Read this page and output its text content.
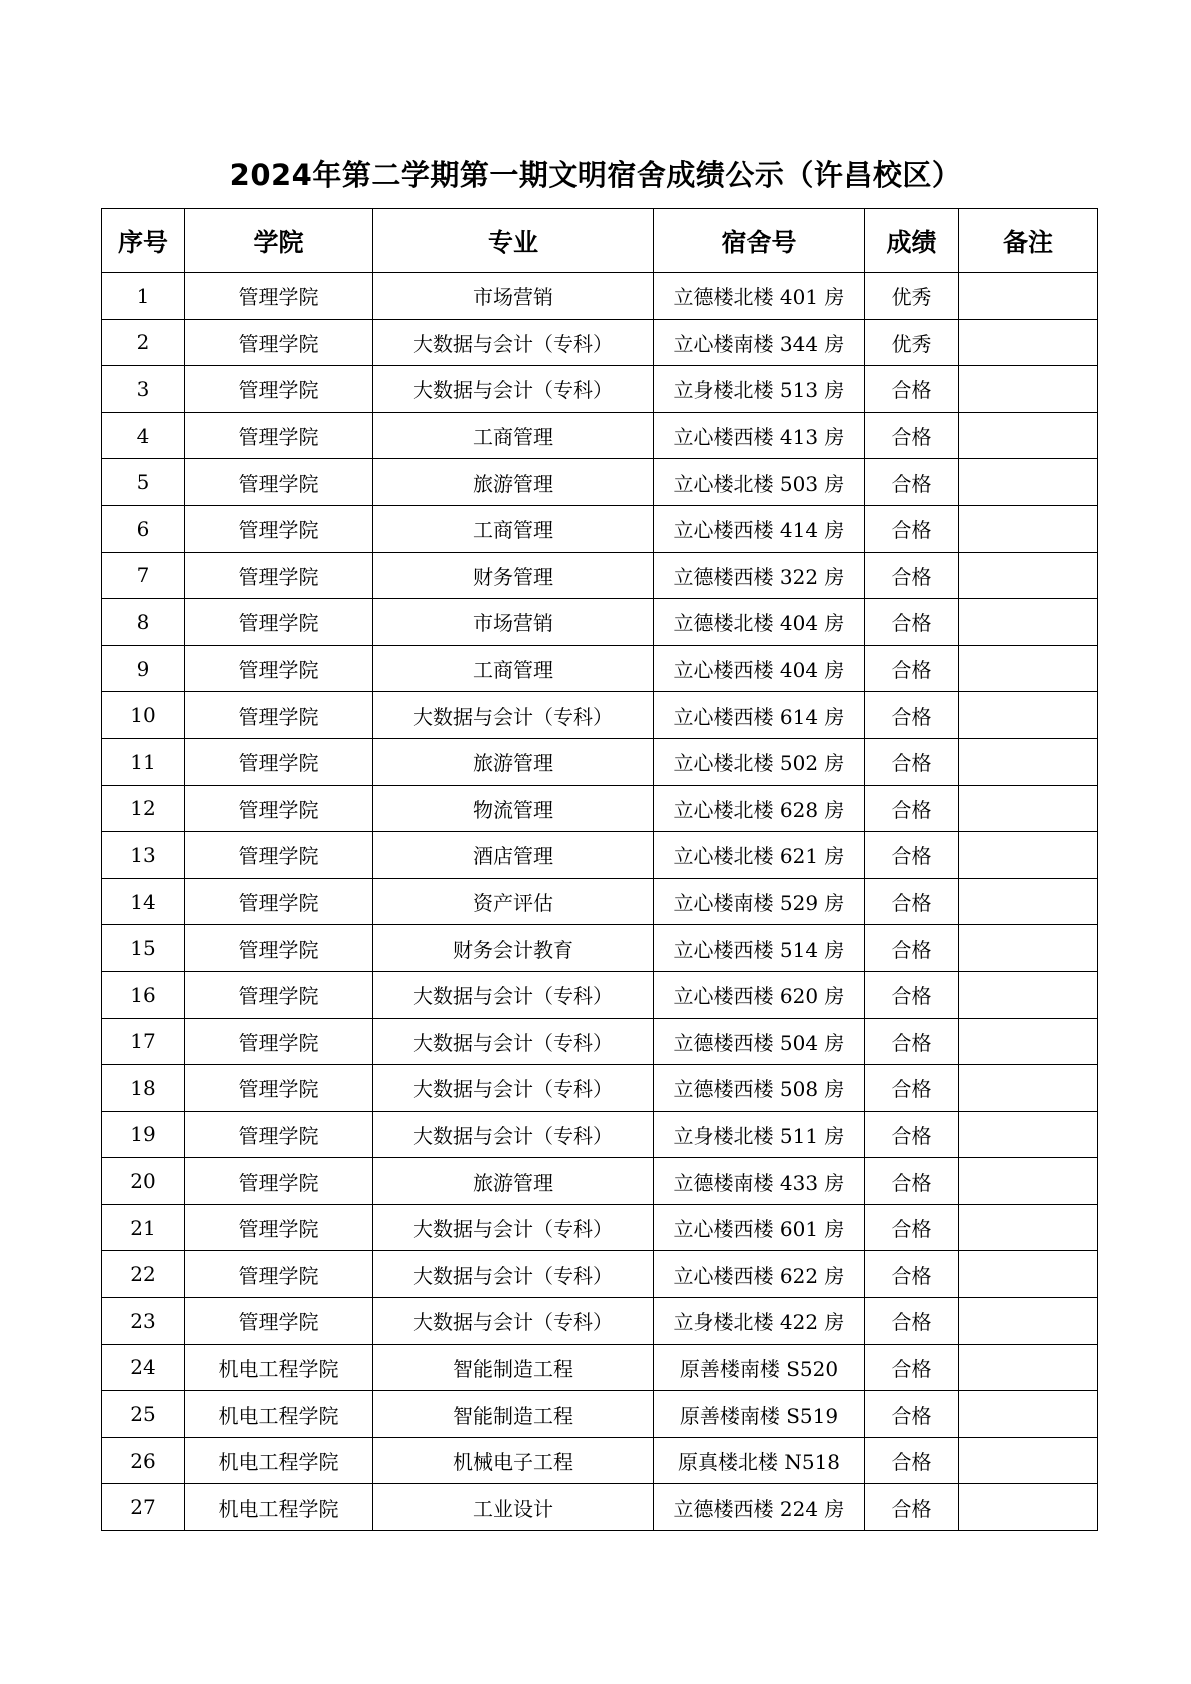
2024年第二学期第一期文明宿舍成绩公示（许昌校区）
序号	学院	专业	宿舍号	成绩	备注
1	管理学院	市场营销	立德楼北楼 401 房	优秀	
2	管理学院	大数据与会计（专科）	立心楼南楼 344 房	优秀	
3	管理学院	大数据与会计（专科）	立身楼北楼 513 房	合格	
4	管理学院	工商管理	立心楼西楼 413 房	合格	
5	管理学院	旅游管理	立心楼北楼 503 房	合格	
6	管理学院	工商管理	立心楼西楼 414 房	合格	
7	管理学院	财务管理	立德楼西楼 322 房	合格	
8	管理学院	市场营销	立德楼北楼 404 房	合格	
9	管理学院	工商管理	立心楼西楼 404 房	合格	
10	管理学院	大数据与会计（专科）	立心楼西楼 614 房	合格	
11	管理学院	旅游管理	立心楼北楼 502 房	合格	
12	管理学院	物流管理	立心楼北楼 628 房	合格	
13	管理学院	酒店管理	立心楼北楼 621 房	合格	
14	管理学院	资产评估	立心楼南楼 529 房	合格	
15	管理学院	财务会计教育	立心楼西楼 514 房	合格	
16	管理学院	大数据与会计（专科）	立心楼西楼 620 房	合格	
17	管理学院	大数据与会计（专科）	立德楼西楼 504 房	合格	
18	管理学院	大数据与会计（专科）	立德楼西楼 508 房	合格	
19	管理学院	大数据与会计（专科）	立身楼北楼 511 房	合格	
20	管理学院	旅游管理	立德楼南楼 433 房	合格	
21	管理学院	大数据与会计（专科）	立心楼西楼 601 房	合格	
22	管理学院	大数据与会计（专科）	立心楼西楼 622 房	合格	
23	管理学院	大数据与会计（专科）	立身楼北楼 422 房	合格	
24	机电工程学院	智能制造工程	原善楼南楼 S520	合格	
25	机电工程学院	智能制造工程	原善楼南楼 S519	合格	
26	机电工程学院	机械电子工程	原真楼北楼 N518	合格	
27	机电工程学院	工业设计	立德楼西楼 224 房	合格	
